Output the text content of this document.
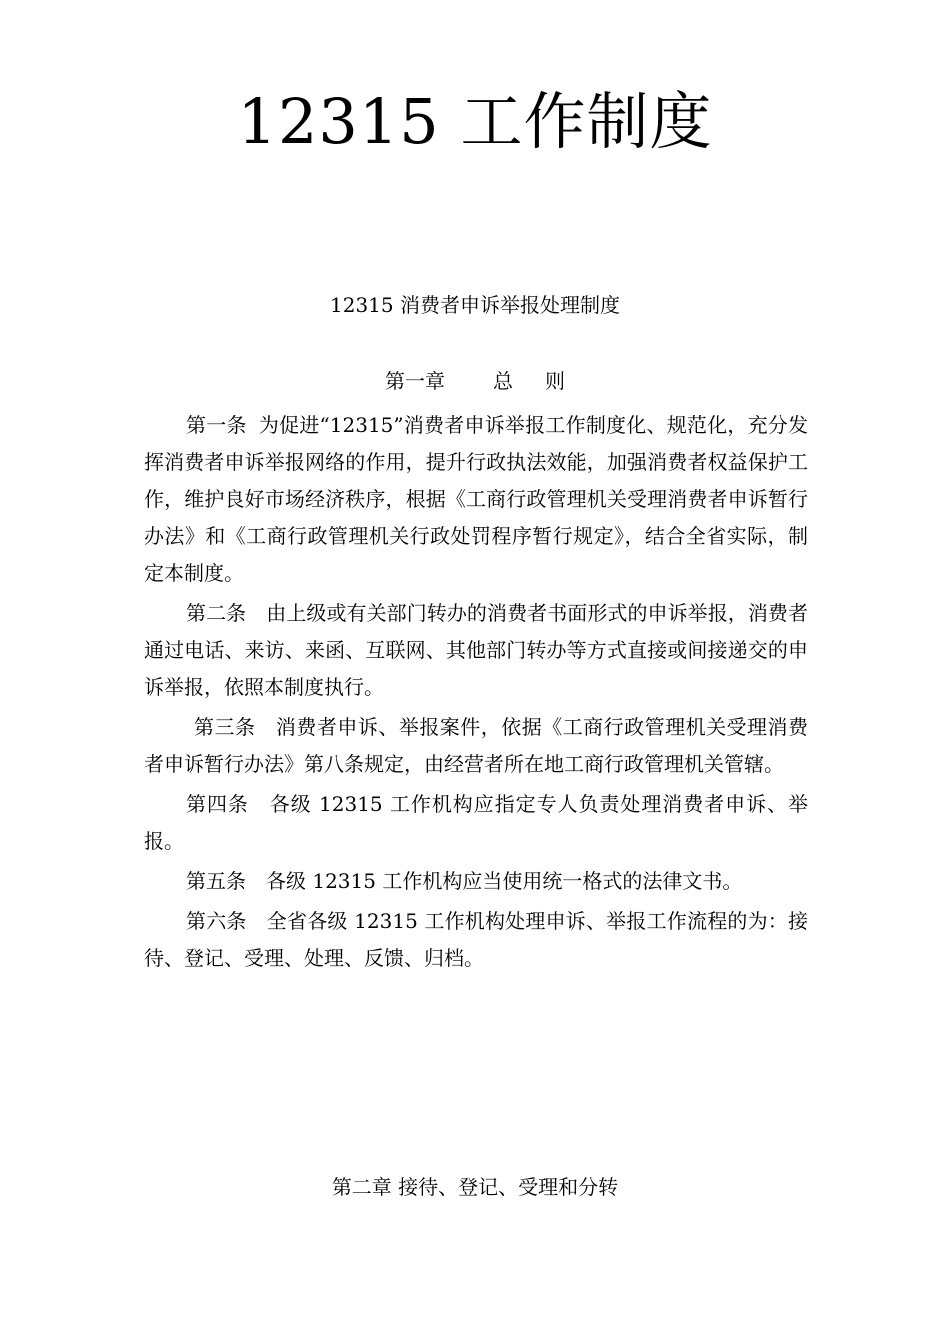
12315 工作制度
12315 消费者申诉举报处理制度
第一章 总 则

第一条 为促进“12315”消费者申诉举报工作制度化、规范化，充分发挥消费者申诉举报网络的作用，提升行政执法效能，加强消费者权益保护工作，维护良好市场经济秩序，根据《工商行政管理机关受理消费者申诉暂行办法》和《工商行政管理机关行政处罚程序暂行规定》，结合全省实际，制定本制度。

第二条 由上级或有关部门转办的消费者书面形式的申诉举报，消费者通过电话、来访、来函、互联网、其他部门转办等方式直接或间接递交的申诉举报，依照本制度执行。

第三条 消费者申诉、举报案件，依据《工商行政管理机关受理消费者申诉暂行办法》第八条规定，由经营者所在地工商行政管理机关管辖。

第四条 各级 12315 工作机构应指定专人负责处理消费者申诉、举报。

第五条 各级 12315 工作机构应当使用统一格式的法律文书。

第六条 全省各级 12315 工作机构处理申诉、举报工作流程的为：接待、登记、受理、处理、反馈、归档。

第二章 接待、登记、受理和分转
